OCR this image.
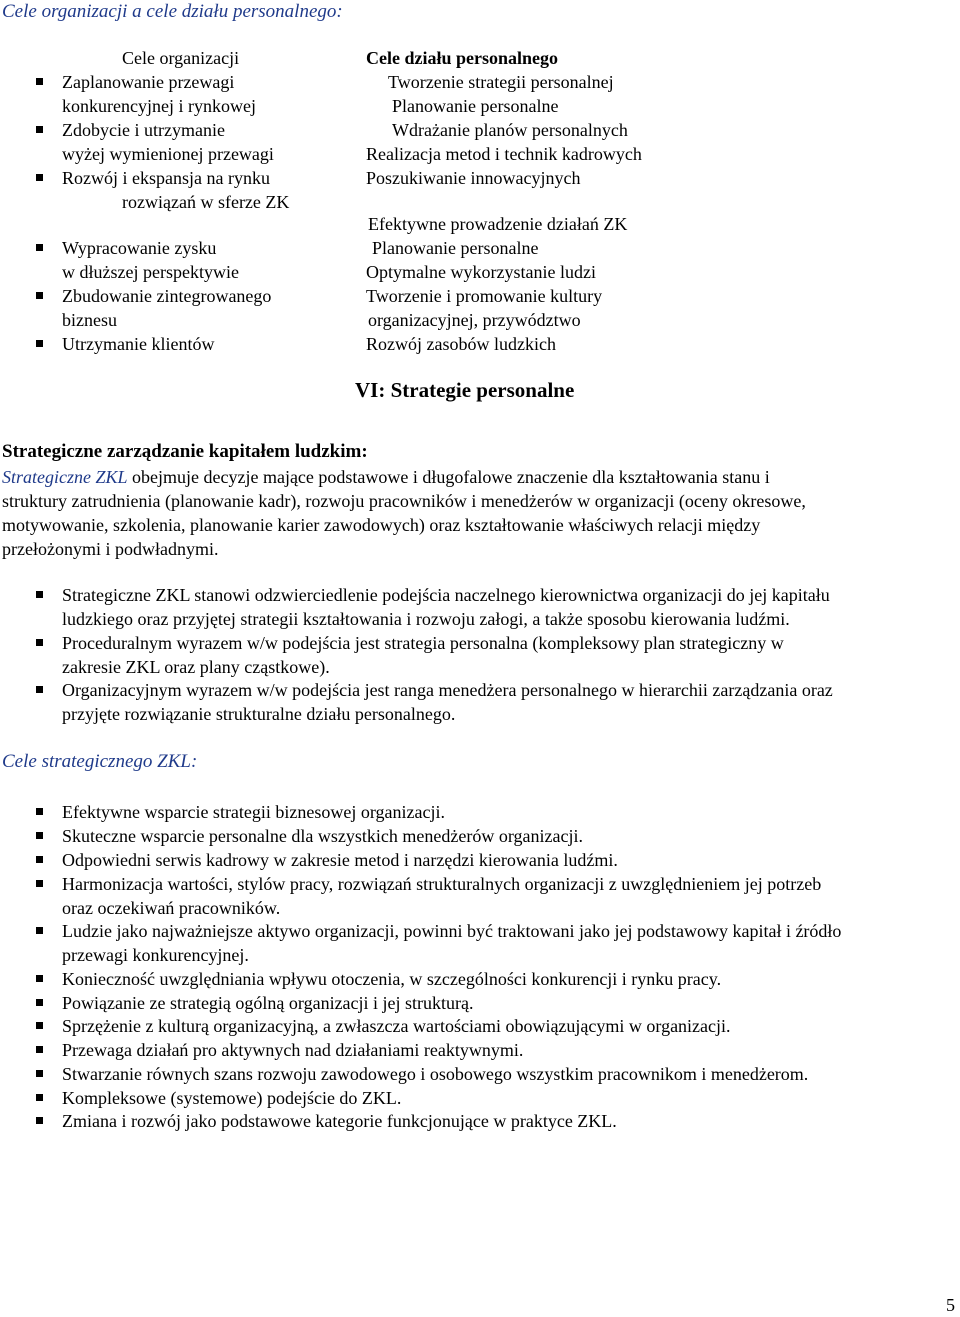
Cele organizacji a cele działu personalnego:
Cele organizacji
Zaplanowanie przewagi
konkurencyjnej i rynkowej
Zdobycie i utrzymanie
wyżej wymienionej przewagi
Rozwój i ekspansja na rynku
rozwiązań w sferze ZK
Wypracowanie zysku
w dłuższej perspektywie
Zbudowanie zintegrowanego
biznesu
Utrzymanie klientów
Cele działu personalnego
Tworzenie strategii personalnej
Planowanie personalne
Wdrażanie planów personalnych
Realizacja metod i technik kadrowych
Poszukiwanie innowacyjnych
Efektywne prowadzenie działań ZK
Planowanie personalne
Optymalne wykorzystanie ludzi
Tworzenie i promowanie kultury
organizacyjnej, przywództwo
Rozwój zasobów ludzkich
VI: Strategie personalne
Strategiczne zarządzanie kapitałem ludzkim:
Strategiczne ZKL obejmuje decyzje mające podstawowe i długofalowe znaczenie dla kształtowania stanu i
struktury zatrudnienia (planowanie kadr), rozwoju pracowników i menedżerów w organizacji (oceny okresowe,
motywowanie, szkolenia, planowanie karier zawodowych) oraz kształtowanie właściwych relacji między
przełożonymi i podwładnymi.
Strategiczne ZKL stanowi odzwierciedlenie podejścia naczelnego kierownictwa organizacji do jej kapitału
ludzkiego oraz przyjętej strategii kształtowania i rozwoju załogi, a także sposobu kierowania ludźmi.
Proceduralnym wyrazem w/w podejścia jest strategia personalna (kompleksowy plan strategiczny w
zakresie ZKL oraz plany cząstkowe).
Organizacyjnym wyrazem w/w podejścia jest ranga menedżera personalnego w hierarchii zarządzania oraz
przyjęte rozwiązanie strukturalne działu personalnego.
Cele strategicznego ZKL:
Efektywne wsparcie strategii biznesowej organizacji.
Skuteczne wsparcie personalne dla wszystkich menedżerów organizacji.
Odpowiedni serwis kadrowy w zakresie metod i narzędzi kierowania ludźmi.
Harmonizacja wartości, stylów pracy, rozwiązań strukturalnych organizacji z uwzględnieniem jej potrzeb
oraz oczekiwań pracowników.
Ludzie jako najważniejsze aktywo organizacji, powinni być traktowani jako jej podstawowy kapitał i źródło
przewagi konkurencyjnej.
Konieczność uwzględniania wpływu otoczenia, w szczególności konkurencji i rynku pracy.
Powiązanie ze strategią ogólną organizacji i jej strukturą.
Sprzężenie z kulturą organizacyjną, a zwłaszcza wartościami obowiązującymi w organizacji.
Przewaga działań pro aktywnych nad działaniami reaktywnymi.
Stwarzanie równych szans rozwoju zawodowego i osobowego wszystkim pracownikom i menedżerom.
Kompleksowe (systemowe) podejście do ZKL.
Zmiana i rozwój jako podstawowe kategorie funkcjonujące w praktyce ZKL.
5
